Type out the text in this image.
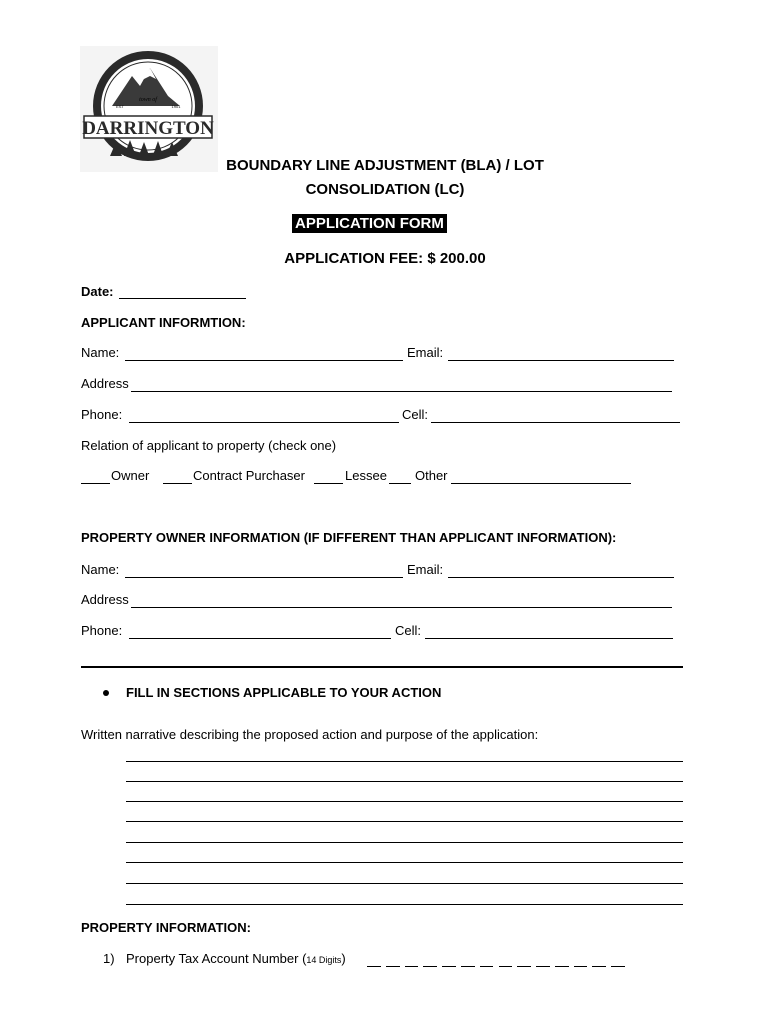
town of
EST	1901
DARRINGTON
BOUNDARY LINE ADJUSTMENT (BLA) / LOT
CONSOLIDATION (LC)
APPLICATION FORM
APPLICATION FEE: $ 200.00
Date:
APPLICANT INFORMTION:
Name:	Email:
Address
Phone:	Cell:
Relation of applicant to property (check one)
Owner	Contract Purchaser	Lessee Other
PROPERTY OWNER INFORMATION (IF DIFFERENT THAN APPLICANT INFORMATION):
Name:	Email:
Address
Phone:	Cell:
FILL IN SECTIONS APPLICABLE TO YOUR ACTION
Written narrative describing the proposed action and purpose of the application:
PROPERTY INFORMATION:
1) Property Tax Account Number (14 Digits)
